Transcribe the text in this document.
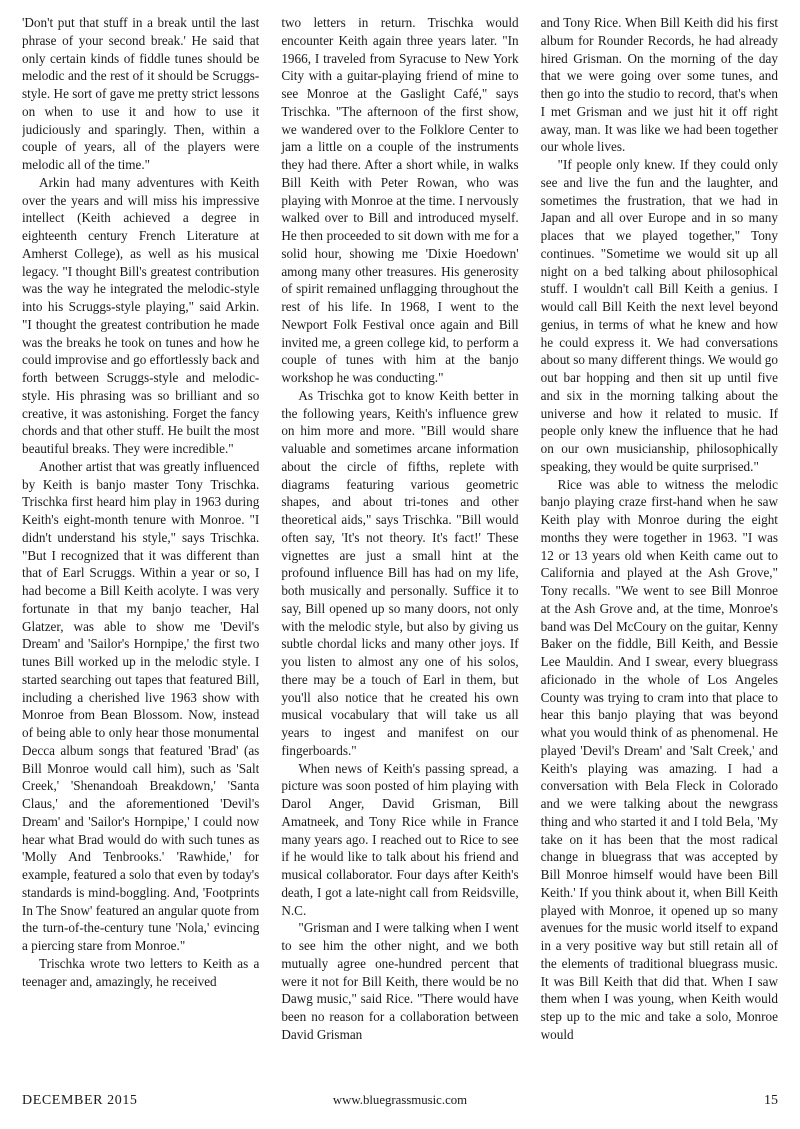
'Don't put that stuff in a break until the last phrase of your second break.' He said that only certain kinds of fiddle tunes should be melodic and the rest of it should be Scruggs-style. He sort of gave me pretty strict lessons on when to use it and how to use it judiciously and sparingly. Then, within a couple of years, all of the players were melodic all of the time."

Arkin had many adventures with Keith over the years and will miss his impressive intellect (Keith achieved a degree in eighteenth century French Literature at Amherst College), as well as his musical legacy. "I thought Bill's greatest contribution was the way he integrated the melodic-style into his Scruggs-style playing," said Arkin. "I thought the greatest contribution he made was the breaks he took on tunes and how he could improvise and go effortlessly back and forth between Scruggs-style and melodic-style. His phrasing was so brilliant and so creative, it was astonishing. Forget the fancy chords and that other stuff. He built the most beautiful breaks. They were incredible."

Another artist that was greatly influenced by Keith is banjo master Tony Trischka. Trischka first heard him play in 1963 during Keith's eight-month tenure with Monroe. "I didn't understand his style," says Trischka. "But I recognized that it was different than that of Earl Scruggs. Within a year or so, I had become a Bill Keith acolyte. I was very fortunate in that my banjo teacher, Hal Glatzer, was able to show me 'Devil's Dream' and 'Sailor's Hornpipe,' the first two tunes Bill worked up in the melodic style. I started searching out tapes that featured Bill, including a cherished live 1963 show with Monroe from Bean Blossom. Now, instead of being able to only hear those monumental Decca album songs that featured 'Brad' (as Bill Monroe would call him), such as 'Salt Creek,' 'Shenandoah Breakdown,' 'Santa Claus,' and the aforementioned 'Devil's Dream' and 'Sailor's Hornpipe,' I could now hear what Brad would do with such tunes as 'Molly And Tenbrooks.' 'Rawhide,' for example, featured a solo that even by today's standards is mind-boggling. And, 'Footprints In The Snow' featured an angular quote from the turn-of-the-century tune 'Nola,' evincing a piercing stare from Monroe."

Trischka wrote two letters to Keith as a teenager and, amazingly, he received

two letters in return. Trischka would encounter Keith again three years later. "In 1966, I traveled from Syracuse to New York City with a guitar-playing friend of mine to see Monroe at the Gaslight Café," says Trischka. "The afternoon of the first show, we wandered over to the Folklore Center to jam a little on a couple of the instruments they had there. After a short while, in walks Bill Keith with Peter Rowan, who was playing with Monroe at the time. I nervously walked over to Bill and introduced myself. He then proceeded to sit down with me for a solid hour, showing me 'Dixie Hoedown' among many other treasures. His generosity of spirit remained unflagging throughout the rest of his life. In 1968, I went to the Newport Folk Festival once again and Bill invited me, a green college kid, to perform a couple of tunes with him at the banjo workshop he was conducting."

As Trischka got to know Keith better in the following years, Keith's influence grew on him more and more. "Bill would share valuable and sometimes arcane information about the circle of fifths, replete with diagrams featuring various geometric shapes, and about tri-tones and other theoretical aids," says Trischka. "Bill would often say, 'It's not theory. It's fact!' These vignettes are just a small hint at the profound influence Bill has had on my life, both musically and personally. Suffice it to say, Bill opened up so many doors, not only with the melodic style, but also by giving us subtle chordal licks and many other joys. If you listen to almost any one of his solos, there may be a touch of Earl in them, but you'll also notice that he created his own musical vocabulary that will take us all years to ingest and manifest on our fingerboards."

When news of Keith's passing spread, a picture was soon posted of him playing with Darol Anger, David Grisman, Bill Amatneek, and Tony Rice while in France many years ago. I reached out to Rice to see if he would like to talk about his friend and musical collaborator. Four days after Keith's death, I got a late-night call from Reidsville, N.C.

"Grisman and I were talking when I went to see him the other night, and we both mutually agree one-hundred percent that were it not for Bill Keith, there would be no Dawg music," said Rice. "There would have been no reason for a collaboration between David Grisman

and Tony Rice. When Bill Keith did his first album for Rounder Records, he had already hired Grisman. On the morning of the day that we were going over some tunes, and then go into the studio to record, that's when I met Grisman and we just hit it off right away, man. It was like we had been together our whole lives.

"If people only knew. If they could only see and live the fun and the laughter, and sometimes the frustration, that we had in Japan and all over Europe and in so many places that we played together," Tony continues. "Sometime we would sit up all night on a bed talking about philosophical stuff. I wouldn't call Bill Keith a genius. I would call Bill Keith the next level beyond genius, in terms of what he knew and how he could express it. We had conversations about so many different things. We would go out bar hopping and then sit up until five and six in the morning talking about the universe and how it related to music. If people only knew the influence that he had on our own musicianship, philosophically speaking, they would be quite surprised."

Rice was able to witness the melodic banjo playing craze first-hand when he saw Keith play with Monroe during the eight months they were together in 1963. "I was 12 or 13 years old when Keith came out to California and played at the Ash Grove," Tony recalls. "We went to see Bill Monroe at the Ash Grove and, at the time, Monroe's band was Del McCoury on the guitar, Kenny Baker on the fiddle, Bill Keith, and Bessie Lee Mauldin. And I swear, every bluegrass aficionado in the whole of Los Angeles County was trying to cram into that place to hear this banjo playing that was beyond what you would think of as phenomenal. He played 'Devil's Dream' and 'Salt Creek,' and Keith's playing was amazing. I had a conversation with Bela Fleck in Colorado and we were talking about the newgrass thing and who started it and I told Bela, 'My take on it has been that the most radical change in bluegrass that was accepted by Bill Monroe himself would have been Bill Keith.' If you think about it, when Bill Keith played with Monroe, it opened up so many avenues for the music world itself to expand in a very positive way but still retain all of the elements of traditional bluegrass music. It was Bill Keith that did that. When I saw them when I was young, when Keith would step up to the mic and take a solo, Monroe would

DECEMBER 2015	www.bluegrassmusic.com	15
